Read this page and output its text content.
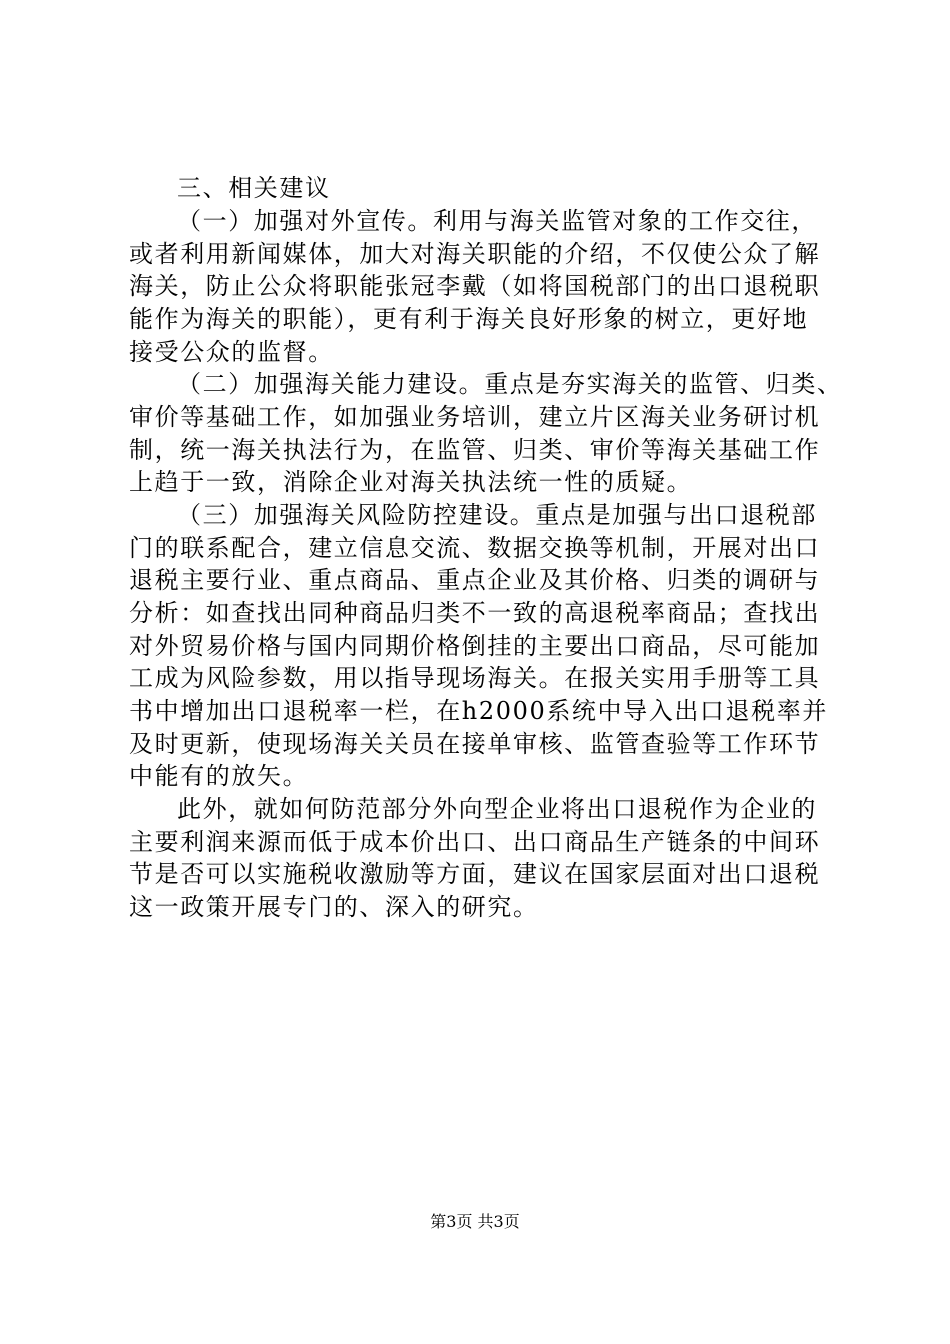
三、相关建议
（一）加强对外宣传。利用与海关监管对象的工作交往，
或者利用新闻媒体，加大对海关职能的介绍，不仅使公众了解
海关，防止公众将职能张冠李戴（如将国税部门的出口退税职
能作为海关的职能），更有利于海关良好形象的树立，更好地
接受公众的监督。
（二）加强海关能力建设。重点是夯实海关的监管、归类、
审价等基础工作，如加强业务培训，建立片区海关业务研讨机
制，统一海关执法行为，在监管、归类、审价等海关基础工作
上趋于一致，消除企业对海关执法统一性的质疑。
（三）加强海关风险防控建设。重点是加强与出口退税部
门的联系配合，建立信息交流、数据交换等机制，开展对出口
退税主要行业、重点商品、重点企业及其价格、归类的调研与
分析：如查找出同种商品归类不一致的高退税率商品；查找出
对外贸易价格与国内同期价格倒挂的主要出口商品，尽可能加
工成为风险参数，用以指导现场海关。在报关实用手册等工具
书中增加出口退税率一栏，在h2000系统中导入出口退税率并
及时更新，使现场海关关员在接单审核、监管查验等工作环节
中能有的放矢。
此外，就如何防范部分外向型企业将出口退税作为企业的
主要利润来源而低于成本价出口、出口商品生产链条的中间环
节是否可以实施税收激励等方面，建议在国家层面对出口退税
这一政策开展专门的、深入的研究。
第3页 共3页
